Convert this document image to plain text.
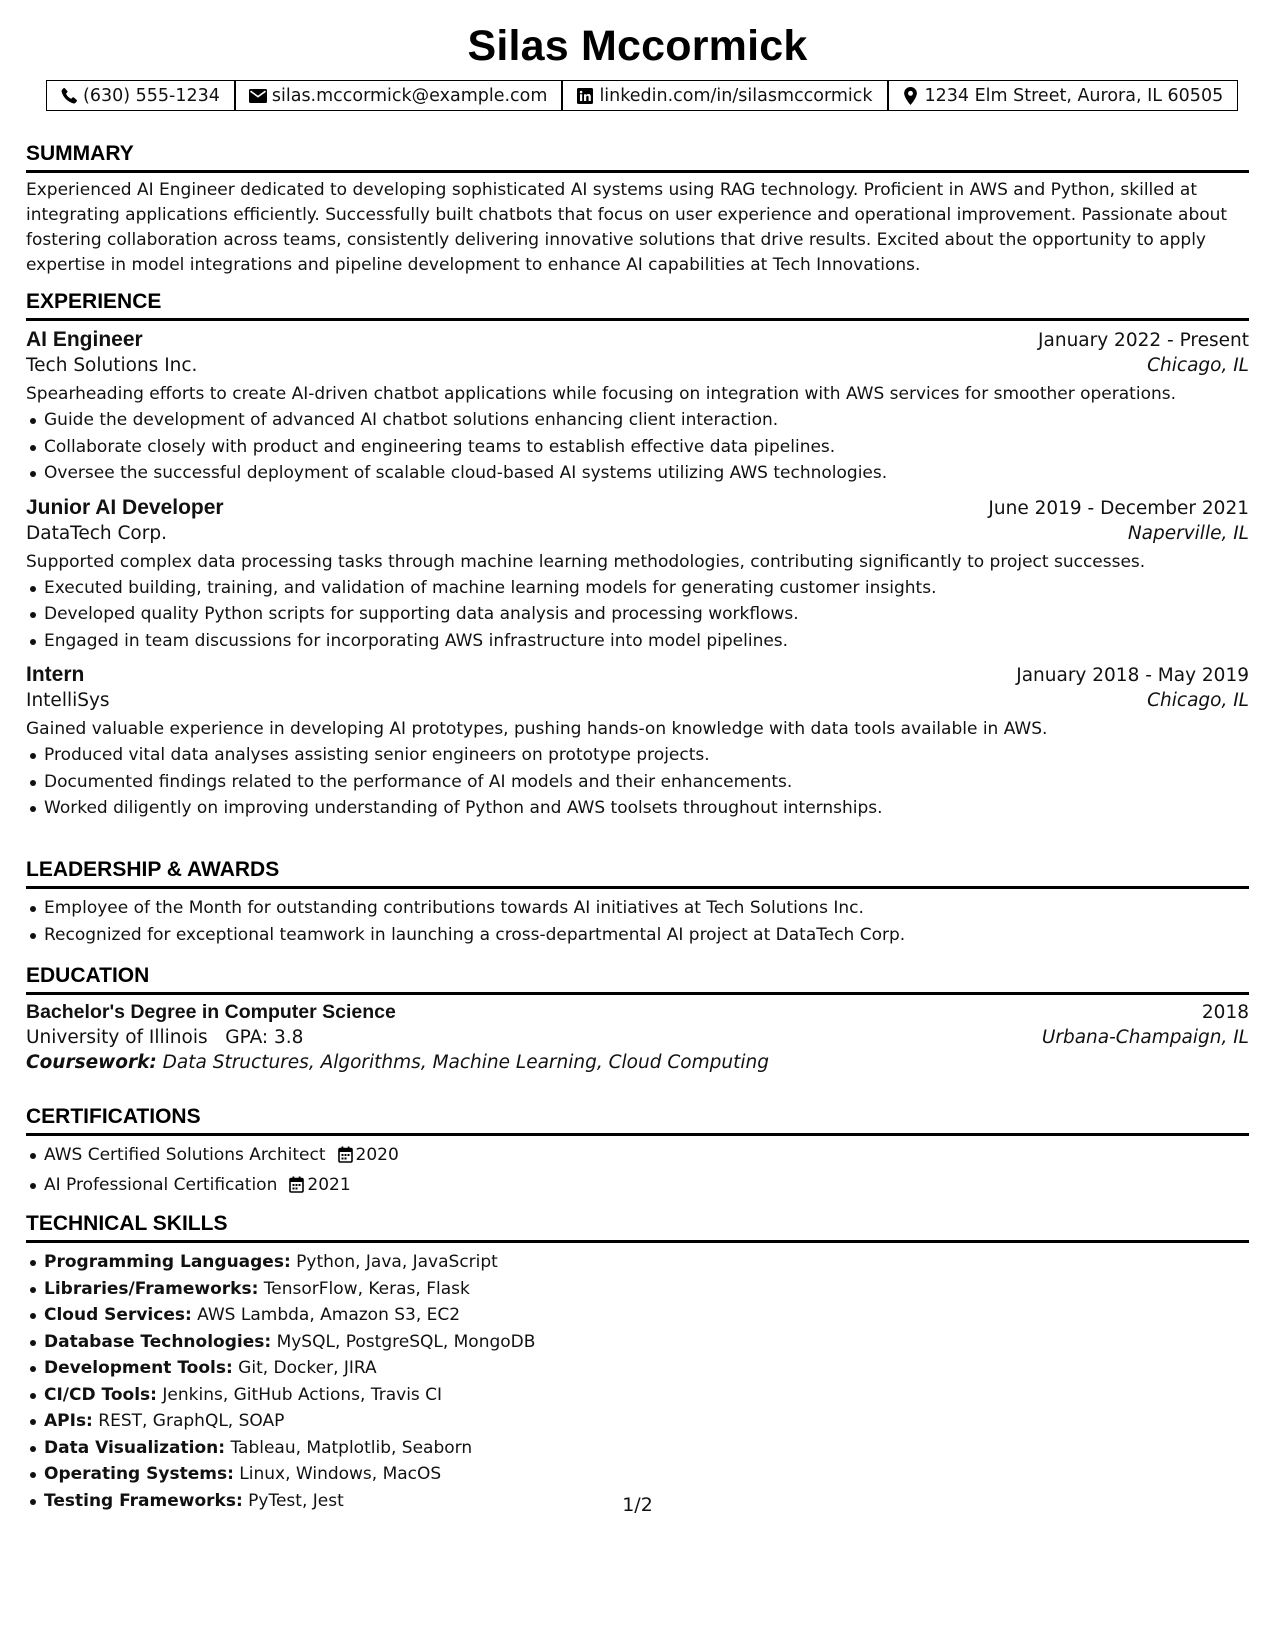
Silas Mccormick
(630) 555-1234	silas.mccormick@example.com	linkedin.com/in/silasmccormick	1234 Elm Street, Aurora, IL 60505
SUMMARY
Experienced AI Engineer dedicated to developing sophisticated AI systems using RAG technology. Proficient in AWS and Python, skilled at integrating applications efficiently. Successfully built chatbots that focus on user experience and operational improvement. Passionate about fostering collaboration across teams, consistently delivering innovative solutions that drive results. Excited about the opportunity to apply expertise in model integrations and pipeline development to enhance AI capabilities at Tech Innovations.
EXPERIENCE
AI Engineer	January 2022 - Present
Tech Solutions Inc.	Chicago, IL
Spearheading efforts to create AI-driven chatbot applications while focusing on integration with AWS services for smoother operations.
Guide the development of advanced AI chatbot solutions enhancing client interaction.
Collaborate closely with product and engineering teams to establish effective data pipelines.
Oversee the successful deployment of scalable cloud-based AI systems utilizing AWS technologies.
Junior AI Developer	June 2019 - December 2021
DataTech Corp.	Naperville, IL
Supported complex data processing tasks through machine learning methodologies, contributing significantly to project successes.
Executed building, training, and validation of machine learning models for generating customer insights.
Developed quality Python scripts for supporting data analysis and processing workflows.
Engaged in team discussions for incorporating AWS infrastructure into model pipelines.
Intern	January 2018 - May 2019
IntelliSys	Chicago, IL
Gained valuable experience in developing AI prototypes, pushing hands-on knowledge with data tools available in AWS.
Produced vital data analyses assisting senior engineers on prototype projects.
Documented findings related to the performance of AI models and their enhancements.
Worked diligently on improving understanding of Python and AWS toolsets throughout internships.
LEADERSHIP & AWARDS
Employee of the Month for outstanding contributions towards AI initiatives at Tech Solutions Inc.
Recognized for exceptional teamwork in launching a cross-departmental AI project at DataTech Corp.
EDUCATION
Bachelor's Degree in Computer Science	2018
University of Illinois GPA: 3.8	Urbana-Champaign, IL
Coursework: Data Structures, Algorithms, Machine Learning, Cloud Computing
CERTIFICATIONS
AWS Certified Solutions Architect 2020
AI Professional Certification 2021
TECHNICAL SKILLS
Programming Languages: Python, Java, JavaScript
Libraries/Frameworks: TensorFlow, Keras, Flask
Cloud Services: AWS Lambda, Amazon S3, EC2
Database Technologies: MySQL, PostgreSQL, MongoDB
Development Tools: Git, Docker, JIRA
CI/CD Tools: Jenkins, GitHub Actions, Travis CI
APIs: REST, GraphQL, SOAP
Data Visualization: Tableau, Matplotlib, Seaborn
Operating Systems: Linux, Windows, MacOS
Testing Frameworks: PyTest, Jest	1/2
